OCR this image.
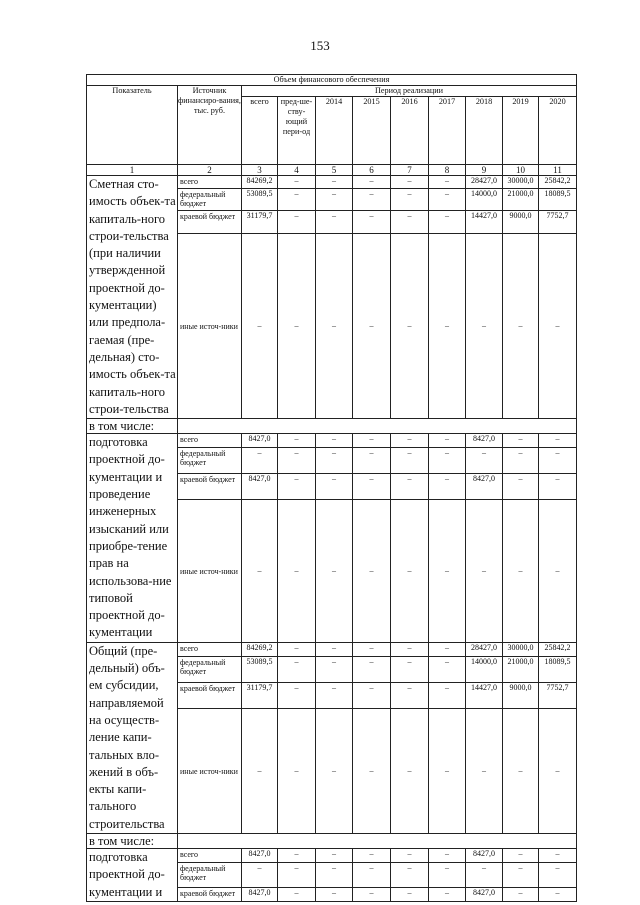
153
Объем финансового обеспечения										
Показатель	Источник финансиро-вания, тыс. руб.	Период реализации								
		всего	пред-ше-ству-ющий пери-од	2014	2015	2016	2017	2018	2019	2020
1	2	3	4	5	6	7	8	9	10	11
Сметная сто-имость объек-та капиталь-ного строи-тельства (при наличии утвержденной проектной до-кументации) или предпола-гаемая (пре-дельная) сто-имость объек-та капиталь-ного строи-тельства	всего	84269,2	–	–	–	–	–	28427,0	30000,0	25842,2
	федеральный бюджет	53089,5	–	–	–	–	–	14000,0	21000,0	18089,5
	краевой бюджет	31179,7	–	–	–	–	–	14427,0	9000,0	7752,7
	иные источ-ники	–	–	–	–	–	–	–	–	–
в том числе:										
подготовка проектной до-кументации и проведение инженерных изысканий или приобре-тение прав на использова-ние типовой проектной до-кументации	всего	8427,0	–	–	–	–	–	8427,0	–	–
	федеральный бюджет	–	–	–	–	–	–	–	–	–
	краевой бюджет	8427,0	–	–	–	–	–	8427,0	–	–
	иные источ-ники	–	–	–	–	–	–	–	–	–
Общий (пре-дельный) объ-ем субсидии, направляемой на осуществ-ление капи-тальных вло-жений в объ-екты капи-тального строительства	всего	84269,2	–	–	–	–	–	28427,0	30000,0	25842,2
	федеральный бюджет	53089,5	–	–	–	–	–	14000,0	21000,0	18089,5
	краевой бюджет	31179,7	–	–	–	–	–	14427,0	9000,0	7752,7
	иные источ-ники	–	–	–	–	–	–	–	–	–
в том числе:										
подготовка проектной до-кументации и	всего	8427,0	–	–	–	–	–	8427,0	–	–
	федеральный бюджет	–	–	–	–	–	–	–	–	–
	краевой бюджет	8427,0	–	–	–	–	–	8427,0	–	–
